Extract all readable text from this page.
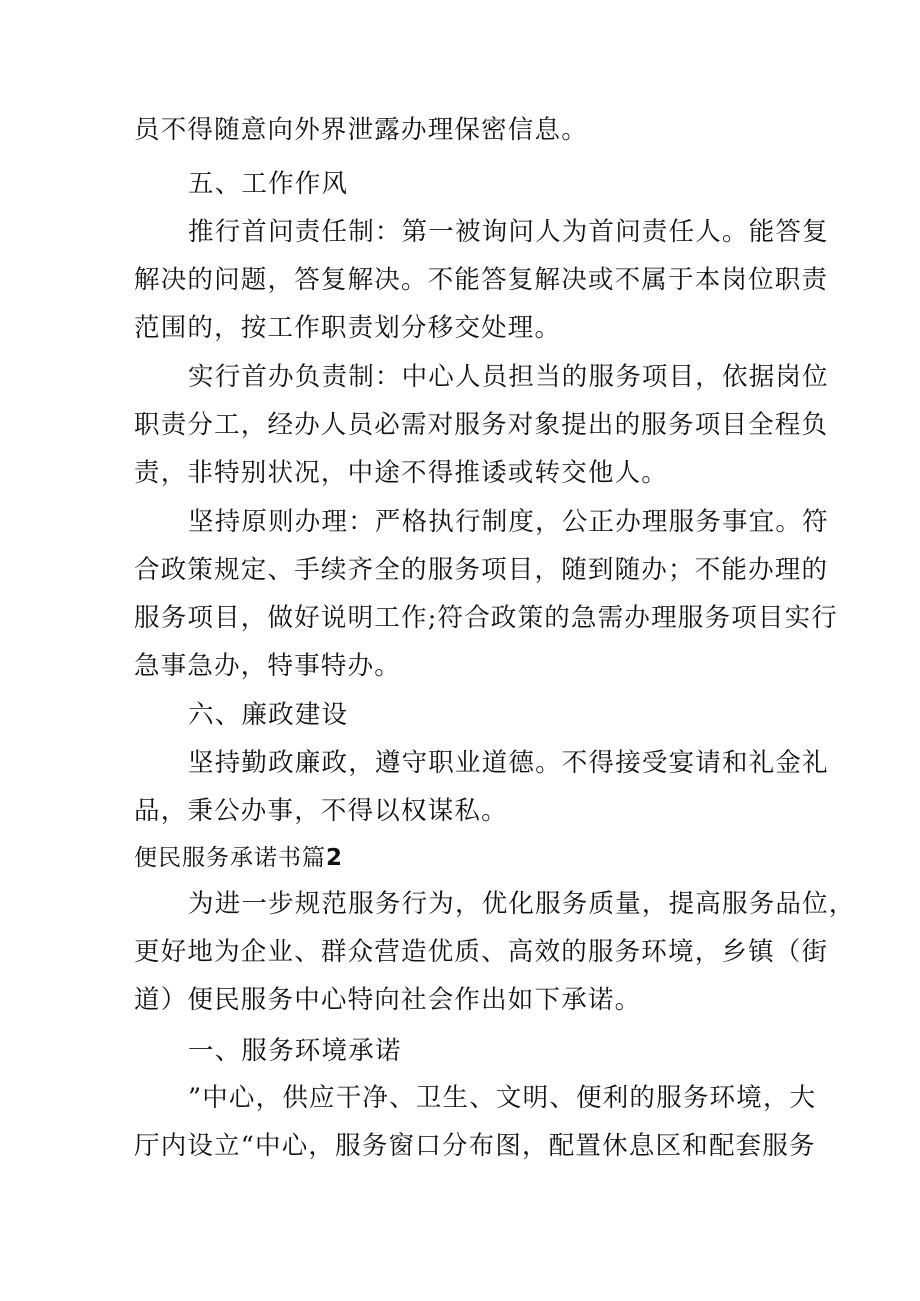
员不得随意向外界泄露办理保密信息。
五、工作作风
推行首问责任制：第一被询问人为首问责任人。能答复
解决的问题，答复解决。不能答复解决或不属于本岗位职责
范围的，按工作职责划分移交处理。
实行首办负责制：中心人员担当的服务项目，依据岗位
职责分工，经办人员必需对服务对象提出的服务项目全程负
责，非特别状况，中途不得推诿或转交他人。
坚持原则办理：严格执行制度，公正办理服务事宜。符
合政策规定、手续齐全的服务项目，随到随办；不能办理的
服务项目，做好说明工作;符合政策的急需办理服务项目实行
急事急办，特事特办。
六、廉政建设
坚持勤政廉政，遵守职业道德。不得接受宴请和礼金礼
品，秉公办事，不得以权谋私。
便民服务承诺书篇2
为进一步规范服务行为，优化服务质量，提高服务品位，
更好地为企业、群众营造优质、高效的服务环境，乡镇（街
道）便民服务中心特向社会作出如下承诺。
一、服务环境承诺
”中心，供应干净、卫生、文明、便利的服务环境，大
厅内设立“中心，服务窗口分布图，配置休息区和配套服务
